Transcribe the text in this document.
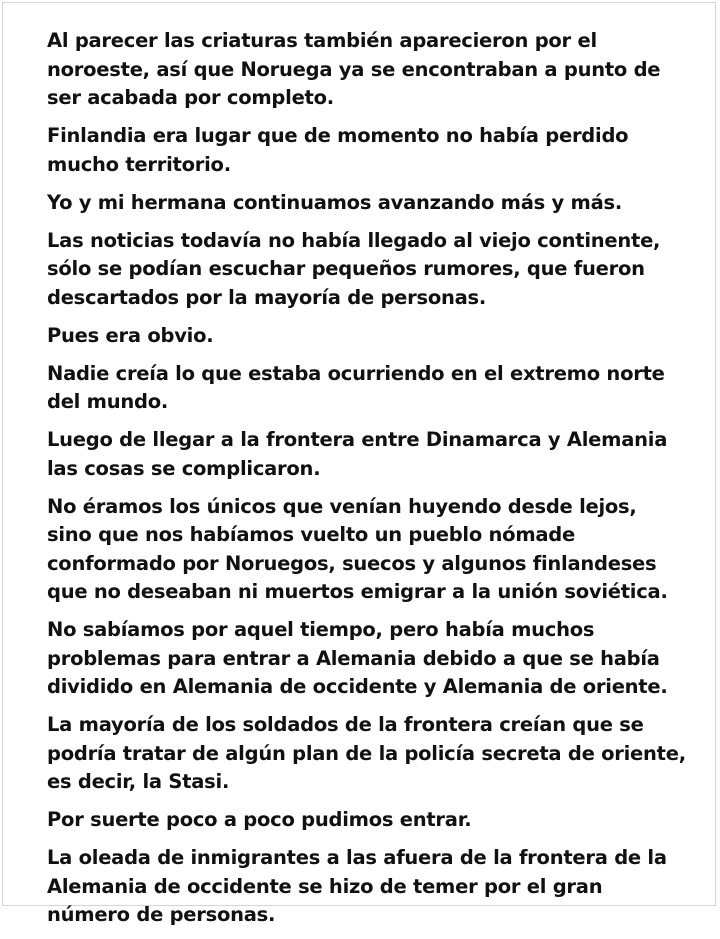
Al parecer las criaturas también aparecieron por el noroeste, así que Noruega ya se encontraban a punto de ser acabada por completo.

Finlandia era lugar que de momento no había perdido mucho territorio.

Yo y mi hermana continuamos avanzando más y más.

Las noticias todavía no había llegado al viejo continente, sólo se podían escuchar pequeños rumores, que fueron descartados por la mayoría de personas.

Pues era obvio.

Nadie creía lo que estaba ocurriendo en el extremo norte del mundo.

Luego de llegar a la frontera entre Dinamarca y Alemania las cosas se complicaron.

No éramos los únicos que venían huyendo desde lejos, sino que nos habíamos vuelto un pueblo nómade conformado por Noruegos, suecos y algunos finlandeses que no deseaban ni muertos emigrar a la unión soviética.

No sabíamos por aquel tiempo, pero había muchos problemas para entrar a Alemania debido a que se había dividido en Alemania de occidente y Alemania de oriente.

La mayoría de los soldados de la frontera creían que se podría tratar de algún plan de la policía secreta de oriente, es decir, la Stasi.

Por suerte poco a poco pudimos entrar.

La oleada de inmigrantes a las afuera de la frontera de la Alemania de occidente se hizo de temer por el gran número de personas.
